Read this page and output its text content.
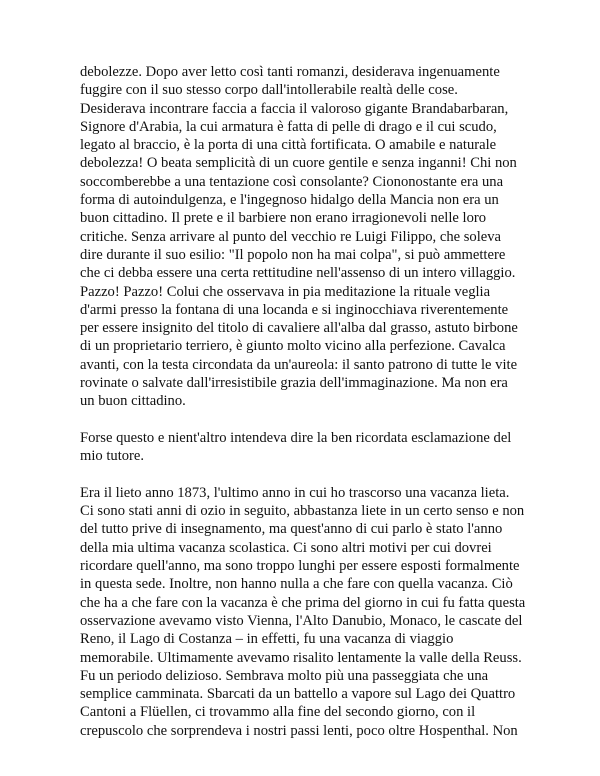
debolezze. Dopo aver letto così tanti romanzi, desiderava ingenuamente
fuggire con il suo stesso corpo dall'intollerabile realtà delle cose.
Desiderava incontrare faccia a faccia il valoroso gigante Brandabarbaran,
Signore d'Arabia, la cui armatura è fatta di pelle di drago e il cui scudo,
legato al braccio, è la porta di una città fortificata. O amabile e naturale
debolezza! O beata semplicità di un cuore gentile e senza inganni! Chi non
soccomberebbe a una tentazione così consolante? Ciononostante era una
forma di autoindulgenza, e l'ingegnoso hidalgo della Mancia non era un
buon cittadino. Il prete e il barbiere non erano irragionevoli nelle loro
critiche. Senza arrivare al punto del vecchio re Luigi Filippo, che soleva
dire durante il suo esilio: "Il popolo non ha mai colpa", si può ammettere
che ci debba essere una certa rettitudine nell'assenso di un intero villaggio.
Pazzo! Pazzo! Colui che osservava in pia meditazione la rituale veglia
d'armi presso la fontana di una locanda e si inginocchiava riverentemente
per essere insignito del titolo di cavaliere all'alba dal grasso, astuto birbone
di un proprietario terriero, è giunto molto vicino alla perfezione. Cavalca
avanti, con la testa circondata da un'aureola: il santo patrono di tutte le vite
rovinate o salvate dall'irresistibile grazia dell'immaginazione. Ma non era
un buon cittadino.

Forse questo e nient'altro intendeva dire la ben ricordata esclamazione del
mio tutore.

Era il lieto anno 1873, l'ultimo anno in cui ho trascorso una vacanza lieta.
Ci sono stati anni di ozio in seguito, abbastanza liete in un certo senso e non
del tutto prive di insegnamento, ma quest'anno di cui parlo è stato l'anno
della mia ultima vacanza scolastica. Ci sono altri motivi per cui dovrei
ricordare quell'anno, ma sono troppo lunghi per essere esposti formalmente
in questa sede. Inoltre, non hanno nulla a che fare con quella vacanza. Ciò
che ha a che fare con la vacanza è che prima del giorno in cui fu fatta questa
osservazione avevamo visto Vienna, l'Alto Danubio, Monaco, le cascate del
Reno, il Lago di Costanza – in effetti, fu una vacanza di viaggio
memorabile. Ultimamente avevamo risalito lentamente la valle della Reuss.
Fu un periodo delizioso. Sembrava molto più una passeggiata che una
semplice camminata. Sbarcati da un battello a vapore sul Lago dei Quattro
Cantoni a Flüellen, ci trovammo alla fine del secondo giorno, con il
crepuscolo che sorprendeva i nostri passi lenti, poco oltre Hospenthal. Non
